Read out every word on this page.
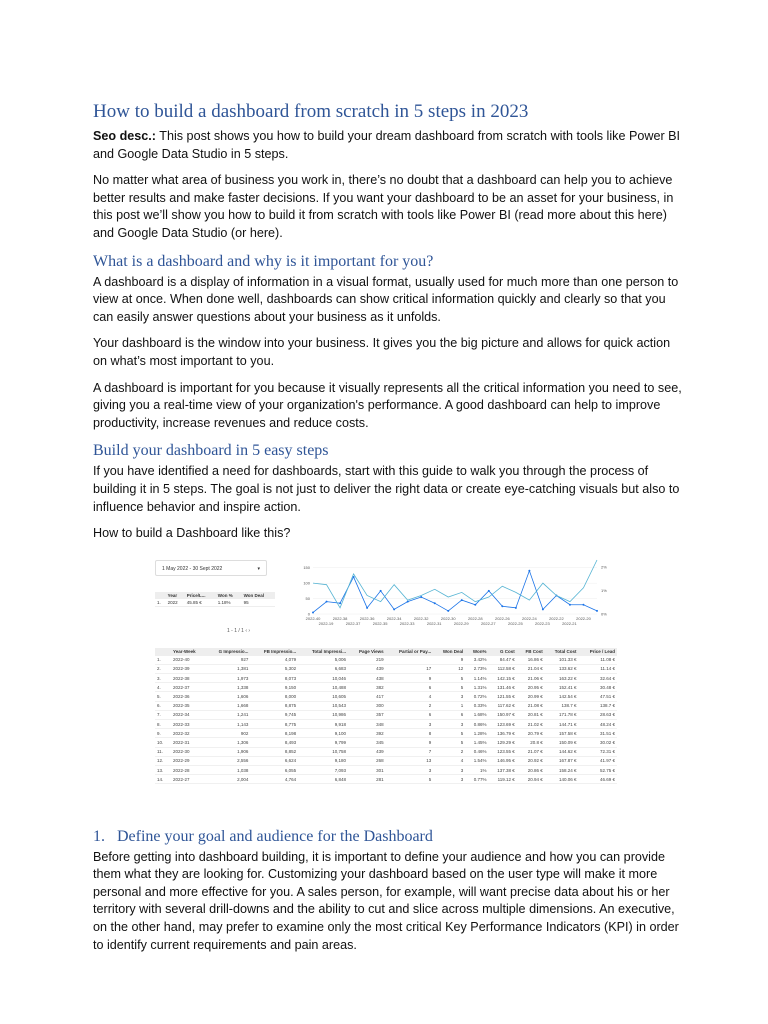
How to build a dashboard from scratch in 5 steps in 2023

Seo desc.: This post shows you how to build your dream dashboard from scratch with tools like Power BI and Google Data Studio in 5 steps.

No matter what area of business you work in, there’s no doubt that a dashboard can help you to achieve better results and make faster decisions. If you want your dashboard to be an asset for your business, in this post we’ll show you how to build it from scratch with tools like Power BI (read more about this here) and Google Data Studio (or here).

What is a dashboard and why is it important for you?

A dashboard is a display of information in a visual format, usually used for much more than one person to view at once. When done well, dashboards can show critical information quickly and clearly so that you can easily answer questions about your business as it unfolds.

Your dashboard is the window into your business. It gives you the big picture and allows for quick action on what’s most important to you.

A dashboard is important for you because it visually represents all the critical information you need to see, giving you a real-time view of your organization's performance. A good dashboard can help to improve productivity, increase revenues and reduce costs.

Build your dashboard in 5 easy steps

If you have identified a need for dashboards, start with this guide to walk you through the process of building it in 5 steps. The goal is not just to deliver the right data or create eye-catching visuals but also to influence behavior and inspire action.

How to build a Dashboard like this?

1 May 2022 - 30 Sept 2022	▾
	Year	Price/L...	Won %	Won Deal
1.	2022	45.85 €	1.18%	95
1 - 1 / 1 ‹ ›
150
100
50
0
2%
1%
0%
2022-40	2022-38	2022-36	2022-34	2022-32	2022-30	2022-28	2022-26	2022-24	2022-22	2022-20
2022-19	2022-37	2022-35	2022-33	2022-31	2022-29	2022-27	2022-25	2022-23	2022-21
	Year-Week	G Impressio...	FB Impressio...	Total Impressi...	Page Views	Partial or Pay...	Won Deal	Won%	G Cost	FB Cost	Total Cost	Price / Lead
1.	2022-40	927	4,079	5,006	219		9	3.42%	84.47 €	16.86 €	101.33 €	11.08 €
2.	2022-39	1,381	5,302	6,683	439	17	12	2.73%	112.58 €	21.04 €	133.62 €	11.14 €
3.	2022-38	1,973	8,073	10,046	438	9	5	1.14%	142.15 €	21.06 €	163.22 €	32.64 €
4.	2022-37	1,338	9,150	10,488	382	6	5	1.31%	131.46 €	20.95 €	152.41 €	30.48 €
5.	2022-36	1,606	8,000	10,605	417	4	3	0.72%	121.55 €	20.99 €	142.54 €	47.51 €
6.	2022-35	1,668	8,875	10,543	300	2	1	0.33%	117.62 €	21.08 €	138.7 €	138.7 €
7.	2022-34	1,241	9,745	10,986	357	6	6	1.68%	150.97 €	20.81 €	171.78 €	28.63 €
8.	2022-33	1,143	8,775	9,918	348	3	3	0.86%	123.69 €	21.02 €	144.71 €	48.24 €
9.	2022-32	902	8,198	9,100	392	8	5	1.28%	136.79 €	20.79 €	157.58 €	31.51 €
10.	2022-31	1,306	8,493	9,799	345	9	5	1.45%	129.29 €	20.8 €	150.09 €	30.02 €
11.	2022-30	1,906	8,852	10,758	439	7	2	0.46%	123.55 €	21.07 €	144.62 €	72.31 €
12.	2022-29	2,556	6,624	9,180	268	13	4	1.54%	146.95 €	20.92 €	167.87 €	41.97 €
13.	2022-28	1,038	6,055	7,093	301	3	3	1%	137.38 €	20.86 €	158.24 €	52.75 €
14.	2022-27	2,004	4,764	6,848	281	5	3	0.77%	119.12 €	20.94 €	140.06 €	46.69 €
1. Define your goal and audience for the Dashboard

Before getting into dashboard building, it is important to define your audience and how you can provide them what they are looking for. Customizing your dashboard based on the user type will make it more personal and more effective for you. A sales person, for example, will want precise data about his or her territory with several drill-downs and the ability to cut and slice across multiple dimensions. An executive, on the other hand, may prefer to examine only the most critical Key Performance Indicators (KPI) in order to identify current requirements and pain areas.
